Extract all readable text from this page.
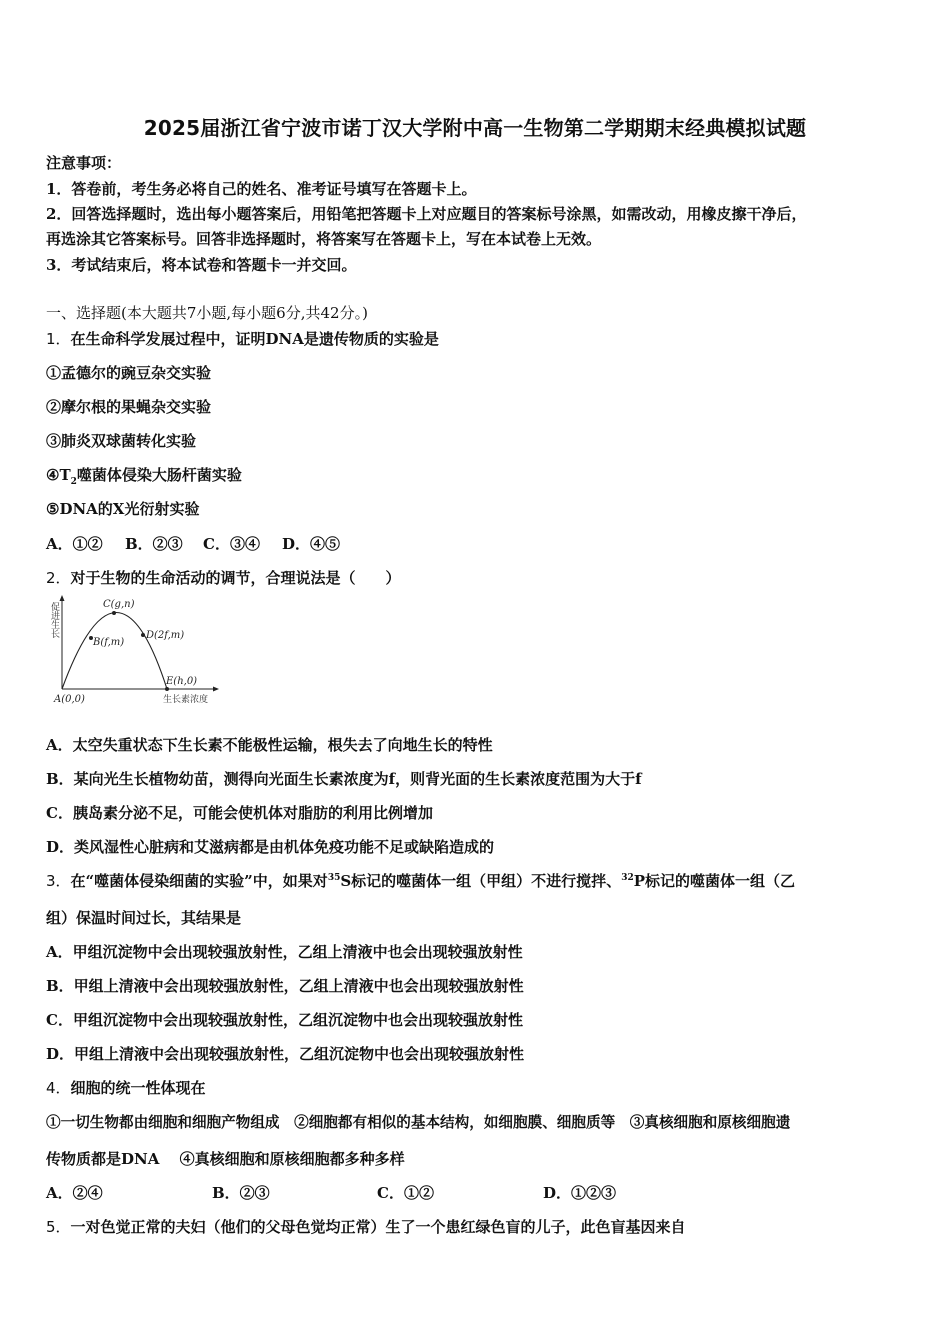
2025届浙江省宁波市诺丁汉大学附中高一生物第二学期期末经典模拟试题
注意事项：
1．答卷前，考生务必将自己的姓名、准考证号填写在答题卡上。
2．回答选择题时，选出每小题答案后，用铅笔把答题卡上对应题目的答案标号涂黑，如需改动，用橡皮擦干净后，
再选涂其它答案标号。回答非选择题时，将答案写在答题卡上，写在本试卷上无效。
3．考试结束后，将本试卷和答题卡一并交回。
一、选择题(本大题共7小题,每小题6分,共42分。)
1．在生命科学发展过程中，证明DNA是遗传物质的实验是
①孟德尔的豌豆杂交实验
②摩尔根的果蝇杂交实验
③肺炎双球菌转化实验
$④T_2$噬菌体侵染大肠杆菌实验
⑤DNA的X光衍射实验
A．①② B．②③ C．③④ D．④⑤
2．对于生物的生命活动的调节，合理说法是（　　）
促进生长
生长素浓度
A(0,0)
B(f,m)
C(g,n)
D(2f,m)
E(h,0)
A．太空失重状态下生长素不能极性运输，根失去了向地生长的特性
B．某向光生长植物幼苗，测得向光面生长素浓度为f，则背光面的生长素浓度范围为大于f
C．胰岛素分泌不足，可能会使机体对脂肪的利用比例增加
D．类风湿性心脏病和艾滋病都是由机体免疫功能不足或缺陷造成的
3．在“噬菌体侵染细菌的实验”中，如果对$^{35}$S标记的噬菌体一组（甲组）不进行搅拌、$^{32}$P标记的噬菌体一组（乙
组）保温时间过长，其结果是
A．甲组沉淀物中会出现较强放射性，乙组上清液中也会出现较强放射性
B．甲组上清液中会出现较强放射性，乙组上清液中也会出现较强放射性
C．甲组沉淀物中会出现较强放射性，乙组沉淀物中也会出现较强放射性
D．甲组上清液中会出现较强放射性，乙组沉淀物中也会出现较强放射性
4．细胞的统一性体现在
①一切生物都由细胞和细胞产物组成　②细胞都有相似的基本结构，如细胞膜、细胞质等　③真核细胞和原核细胞遗
传物质都是DNA　 ④真核细胞和原核细胞都多种多样
A．②④	B．②③	C．①②	D．①②③
5．一对色觉正常的夫妇（他们的父母色觉均正常）生了一个患红绿色盲的儿子，此色盲基因来自
